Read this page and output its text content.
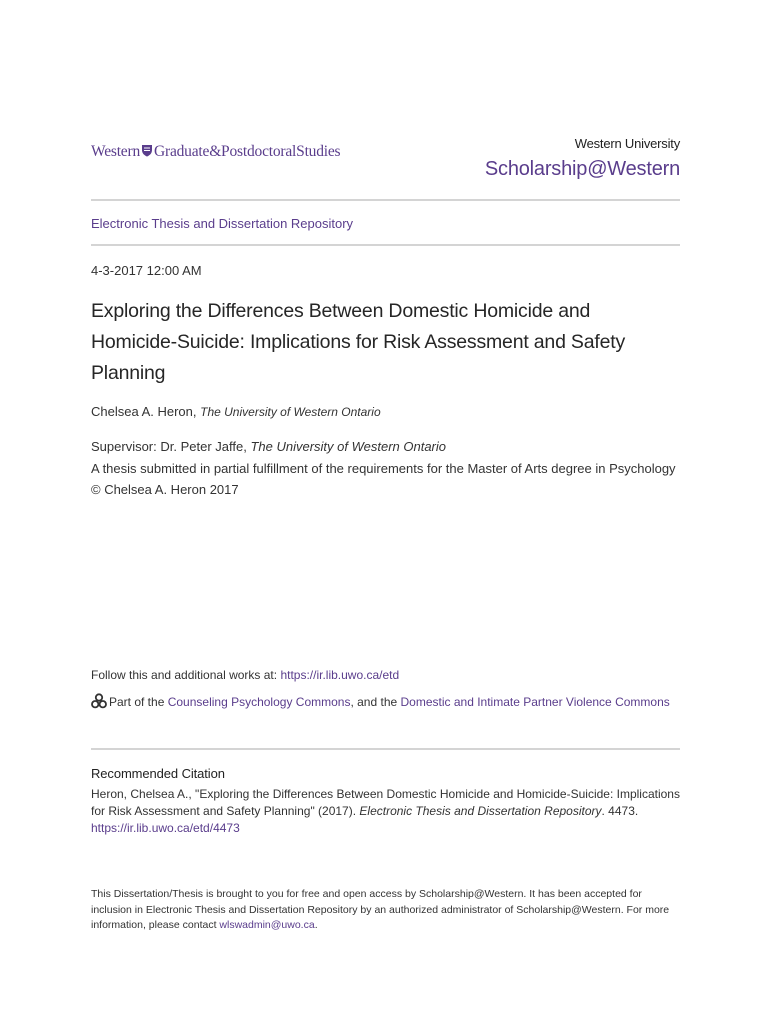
Western Graduate&PostdoctoralStudies	Western University
Scholarship@Western
Electronic Thesis and Dissertation Repository
4-3-2017 12:00 AM
Exploring the Differences Between Domestic Homicide and Homicide-Suicide: Implications for Risk Assessment and Safety Planning
Chelsea A. Heron, The University of Western Ontario
Supervisor: Dr. Peter Jaffe, The University of Western Ontario
A thesis submitted in partial fulfillment of the requirements for the Master of Arts degree in Psychology
© Chelsea A. Heron 2017
Follow this and additional works at: https://ir.lib.uwo.ca/etd
Part of the Counseling Psychology Commons, and the Domestic and Intimate Partner Violence Commons
Recommended Citation
Heron, Chelsea A., "Exploring the Differences Between Domestic Homicide and Homicide-Suicide: Implications for Risk Assessment and Safety Planning" (2017). Electronic Thesis and Dissertation Repository. 4473.
https://ir.lib.uwo.ca/etd/4473
This Dissertation/Thesis is brought to you for free and open access by Scholarship@Western. It has been accepted for inclusion in Electronic Thesis and Dissertation Repository by an authorized administrator of Scholarship@Western. For more information, please contact wlswadmin@uwo.ca.
